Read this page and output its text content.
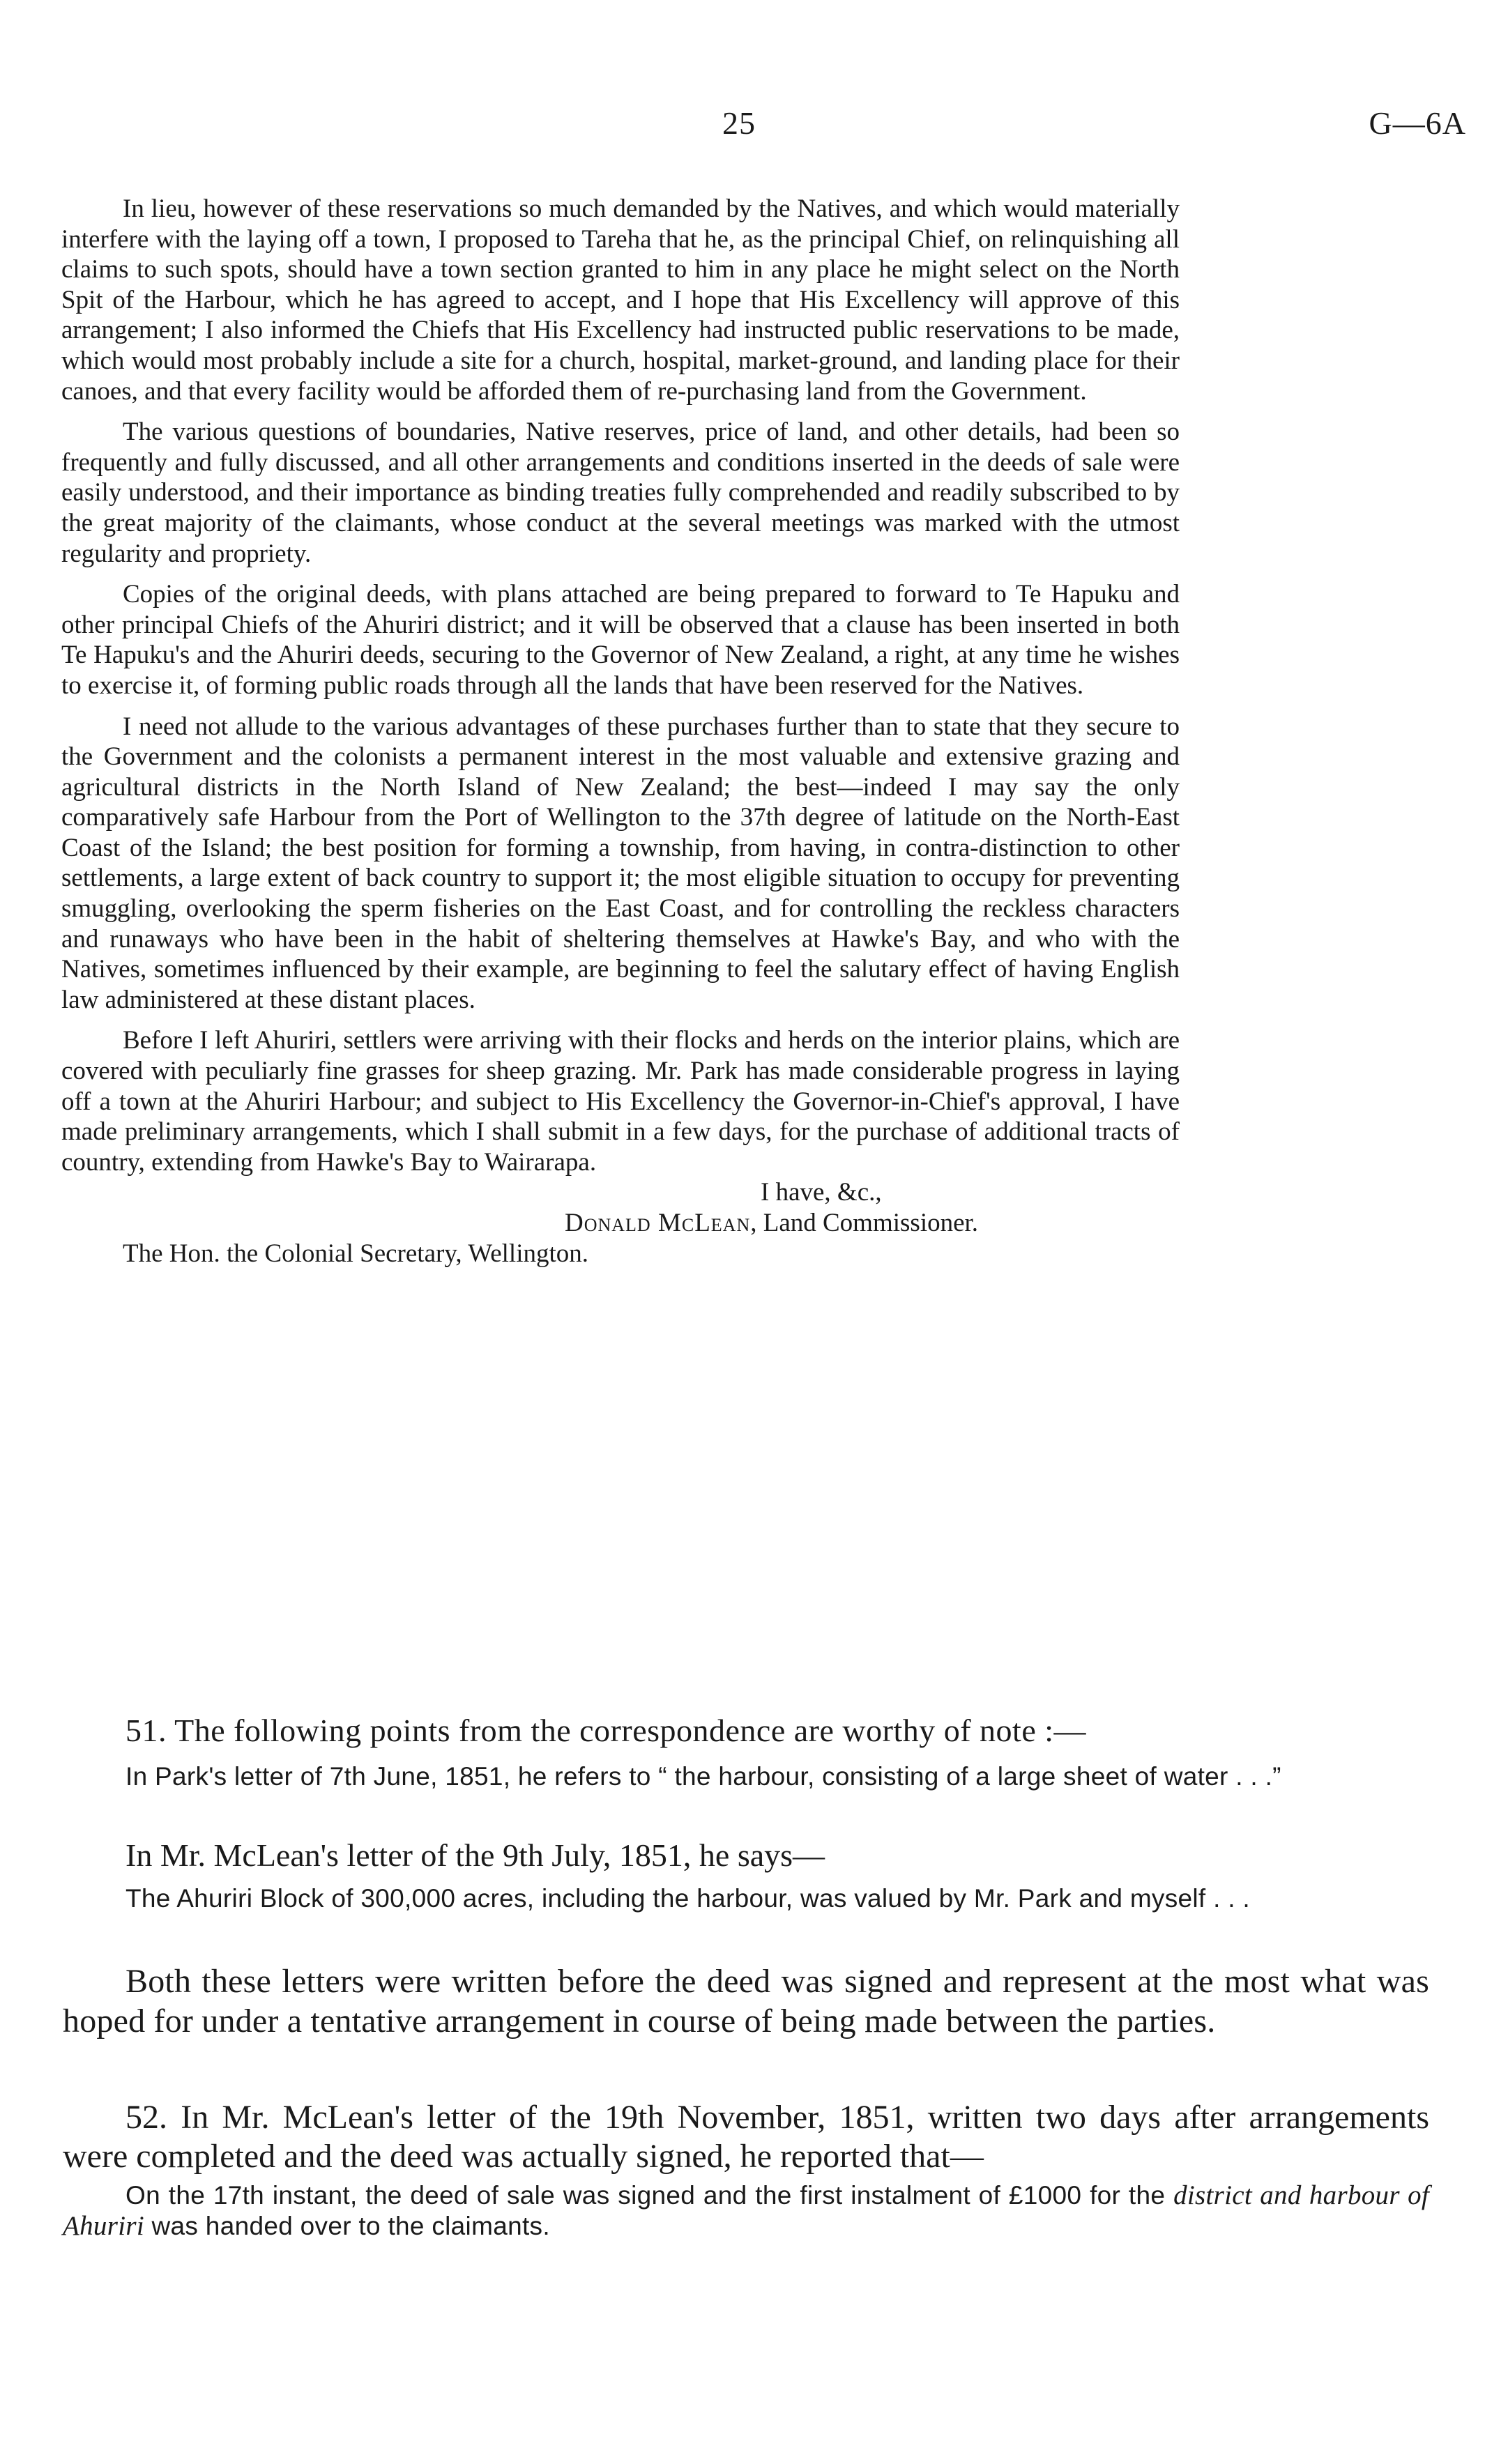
25	G—6A

In lieu, however of these reservations so much demanded by the Natives, and which would materially interfere with the laying off a town, I proposed to Tareha that he, as the principal Chief, on relinquishing all claims to such spots, should have a town section granted to him in any place he might select on the North Spit of the Harbour, which he has agreed to accept, and I hope that His Excellency will approve of this arrangement; I also informed the Chiefs that His Excellency had instructed public reservations to be made, which would most probably include a site for a church, hospital, market-ground, and landing place for their canoes, and that every facility would be afforded them of re-purchasing land from the Government.

The various questions of boundaries, Native reserves, price of land, and other details, had been so frequently and fully discussed, and all other arrangements and conditions inserted in the deeds of sale were easily understood, and their importance as binding treaties fully comprehended and readily subscribed to by the great majority of the claimants, whose conduct at the several meetings was marked with the utmost regularity and propriety.

Copies of the original deeds, with plans attached are being prepared to forward to Te Hapuku and other principal Chiefs of the Ahuriri district; and it will be observed that a clause has been inserted in both Te Hapuku's and the Ahuriri deeds, securing to the Governor of New Zealand, a right, at any time he wishes to exercise it, of forming public roads through all the lands that have been reserved for the Natives.

I need not allude to the various advantages of these purchases further than to state that they secure to the Government and the colonists a permanent interest in the most valuable and extensive grazing and agricultural districts in the North Island of New Zealand; the best—indeed I may say the only comparatively safe Harbour from the Port of Wellington to the 37th degree of latitude on the North-East Coast of the Island; the best position for forming a township, from having, in contra-distinction to other settlements, a large extent of back country to support it; the most eligible situation to occupy for preventing smuggling, overlooking the sperm fisheries on the East Coast, and for controlling the reckless characters and runaways who have been in the habit of sheltering themselves at Hawke's Bay, and who with the Natives, sometimes influenced by their example, are beginning to feel the salutary effect of having English law administered at these distant places.

Before I left Ahuriri, settlers were arriving with their flocks and herds on the interior plains, which are covered with peculiarly fine grasses for sheep grazing. Mr. Park has made considerable progress in laying off a town at the Ahuriri Harbour; and subject to His Excellency the Governor-in-Chief's approval, I have made preliminary arrangements, which I shall submit in a few days, for the purchase of additional tracts of country, extending from Hawke's Bay to Wairarapa.

I have, &c.,
Donald McLean, Land Commissioner.
The Hon. the Colonial Secretary, Wellington.
51. The following points from the correspondence are worthy of note :—
In Park's letter of 7th June, 1851, he refers to “ the harbour, consisting of a large sheet of water . . .”
In Mr. McLean's letter of the 9th July, 1851, he says—
The Ahuriri Block of 300,000 acres, including the harbour, was valued by Mr. Park and myself . . .
Both these letters were written before the deed was signed and represent at the most what was hoped for under a tentative arrangement in course of being made between the parties.
52. In Mr. McLean's letter of the 19th November, 1851, written two days after arrangements were completed and the deed was actually signed, he reported that—
On the 17th instant, the deed of sale was signed and the first instalment of £1000 for the district and harbour of Ahuriri was handed over to the claimants.
